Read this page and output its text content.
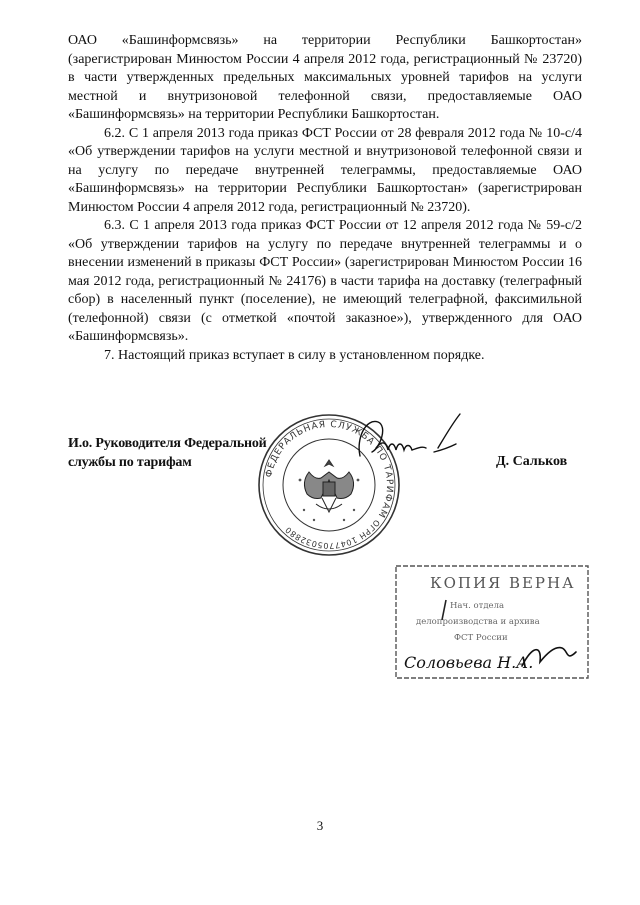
ОАО «Башинформсвязь» на территории Республики Башкортостан» (зарегистрирован Минюстом России 4 апреля 2012 года, регистрационный № 23720) в части утвержденных предельных максимальных уровней тарифов на услуги местной и внутризоновой телефонной связи, предоставляемые ОАО «Башинформсвязь» на территории Республики Башкортостан.

6.2. С 1 апреля 2013 года приказ ФСТ России от 28 февраля 2012 года № 10-с/4 «Об утверждении тарифов на услуги местной и внутризоновой телефонной связи и на услугу по передаче внутренней телеграммы, предоставляемые ОАО «Башинформсвязь» на территории Республики Башкортостан» (зарегистрирован Минюстом России 4 апреля 2012 года, регистрационный № 23720).

6.3. С 1 апреля 2013 года приказ ФСТ России от 12 апреля 2012 года № 59-с/2 «Об утверждении тарифов на услугу по передаче внутренней телеграммы и о внесении изменений в приказы ФСТ России» (зарегистрирован Минюстом России 16 мая 2012 года, регистрационный № 24176) в части тарифа на доставку (телеграфный сбор) в населенный пункт (поселение), не имеющий телеграфной, факсимильной (телефонной) связи (с отметкой «почтой заказное»), утвержденного для ОАО «Башинформсвязь».

7. Настоящий приказ вступает в силу в установленном порядке.

И.о. Руководителя Федеральной
службы по тарифам	Д. Сальков
ФЕДЕРАЛЬНАЯ СЛУЖБА ПО ТАРИФАМ
ОГРН 1047705032880
КОПИЯ ВЕРНА
Нач. отдела
делопроизводства и архива
ФСТ России
Соловьева Н.А.
3
